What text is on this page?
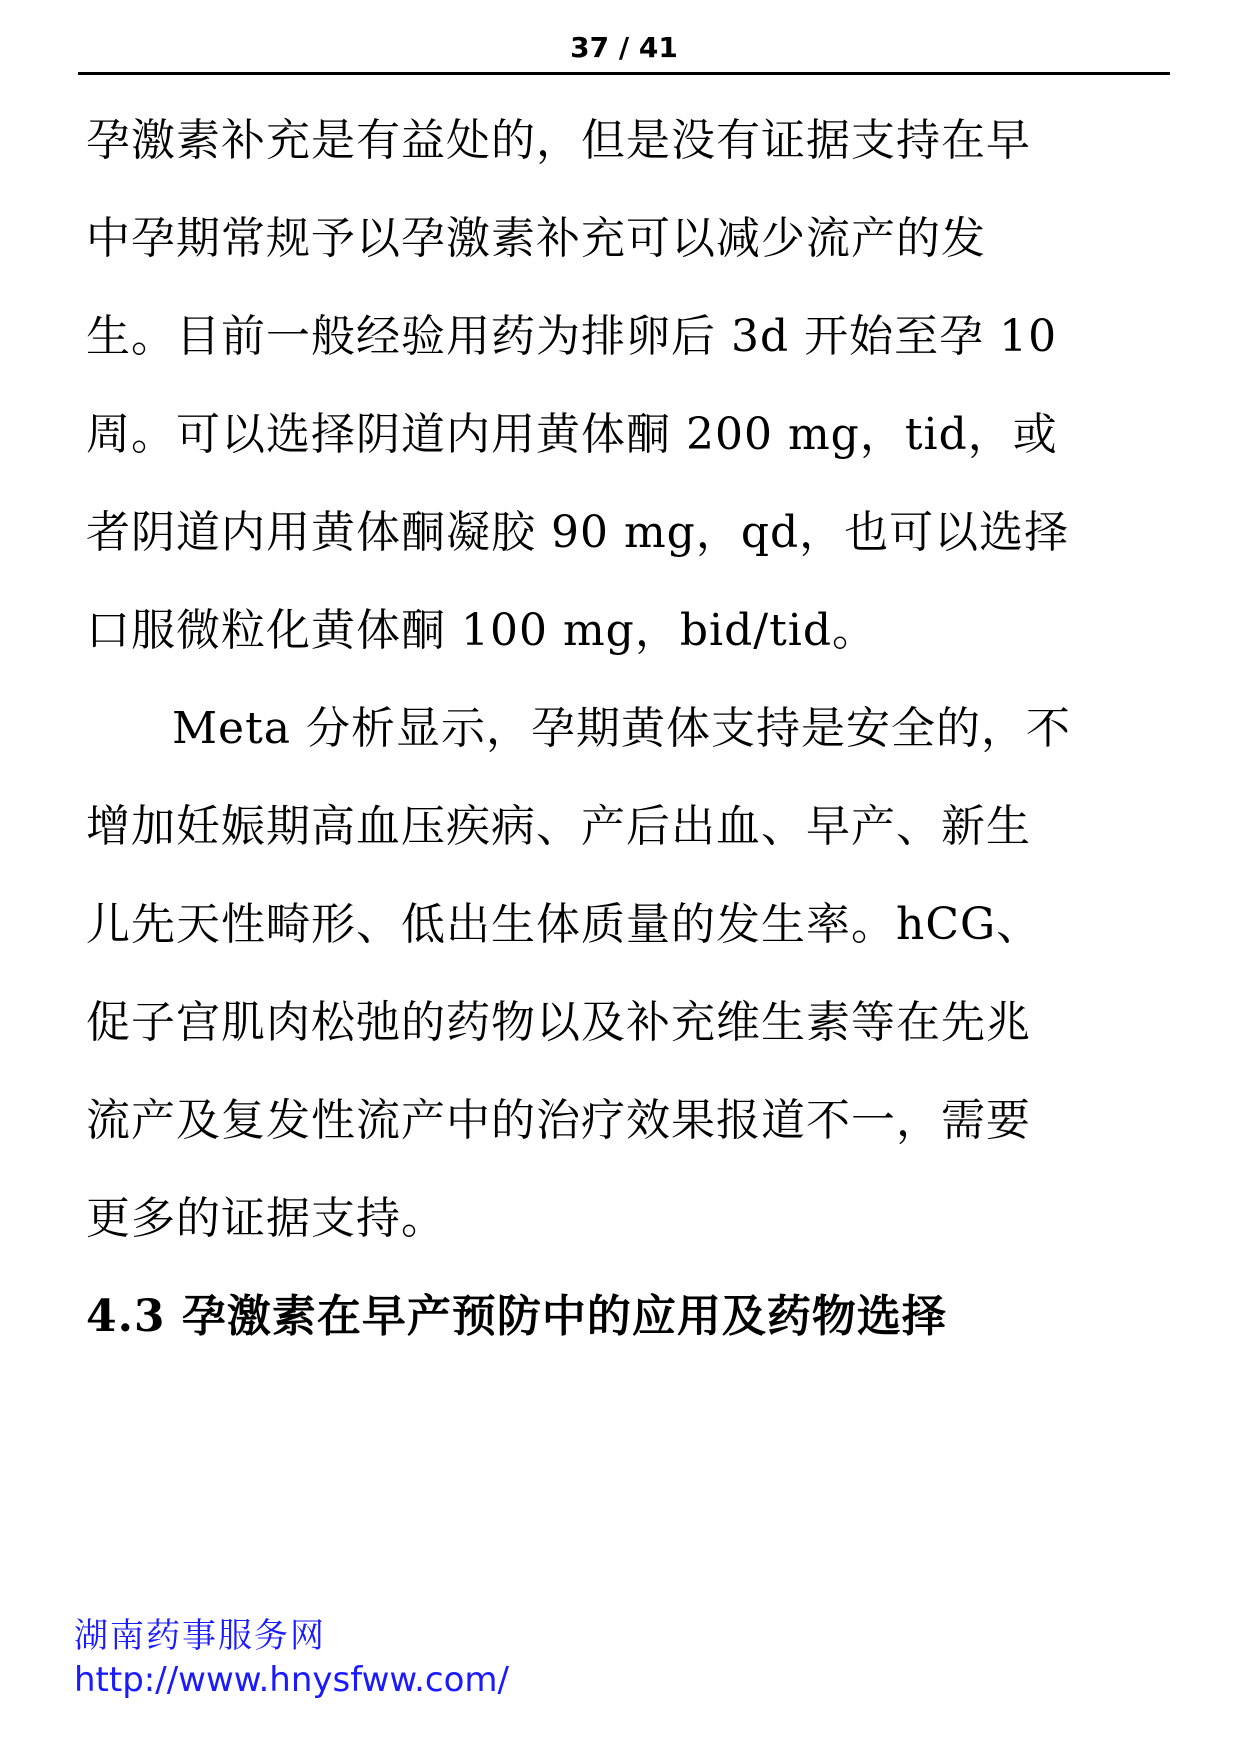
37 / 41
孕激素补充是有益处的，但是没有证据支持在早
中孕期常规予以孕激素补充可以减少流产的发
生。目前一般经验用药为排卵后 3d 开始至孕 10
周。可以选择阴道内用黄体酮 200 mg，tid，或
者阴道内用黄体酮凝胶 90 mg，qd，也可以选择
口服微粒化黄体酮 100 mg，bid/tid。
Meta 分析显示，孕期黄体支持是安全的，不
增加妊娠期高血压疾病、产后出血、早产、新生
儿先天性畸形、低出生体质量的发生率。hCG、
促子宫肌肉松弛的药物以及补充维生素等在先兆
流产及复发性流产中的治疗效果报道不一，需要
更多的证据支持。
4.3 孕激素在早产预防中的应用及药物选择
湖南药事服务网
http://www.hnysfww.com/
